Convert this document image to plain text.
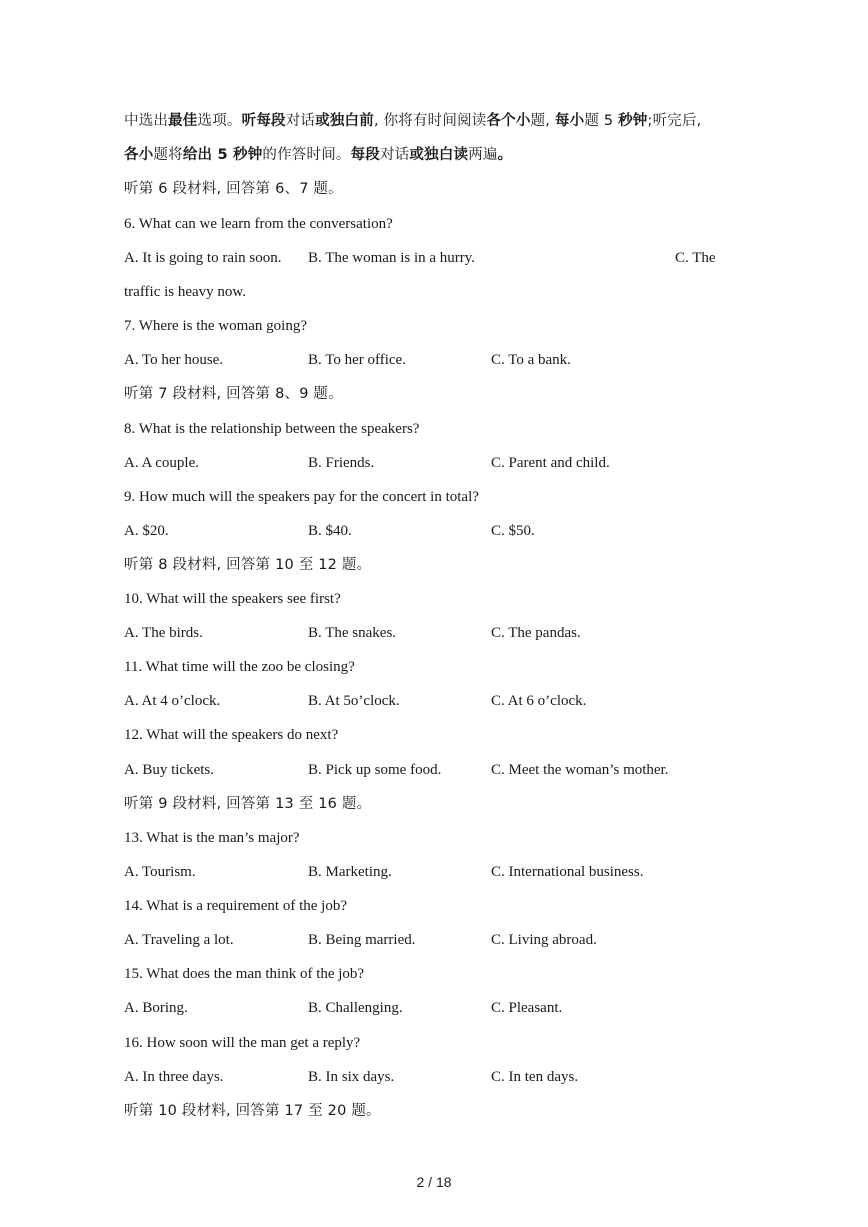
中选出最佳选项。听每段对话或独白前, 你将有时间阅读各个小题, 每小题 5 秒钟;听完后,
各小题将给出 5 秒钟的作答时间。每段对话或独白读两遍。
听第 6 段材料, 回答第 6、7 题。
6. What can we learn from the conversation?
A. It is going to rain soon. B. The woman is in a hurry.	C. The
traffic is heavy now.
7. Where is the woman going?
A. To her house.	B. To her office.	C. To a bank.
听第 7 段材料, 回答第 8、9 题。
8. What is the relationship between the speakers?
A. A couple.	B. Friends.	C. Parent and child.
9. How much will the speakers pay for the concert in total?
A. $20.	B. $40.	C. $50.
听第 8 段材料, 回答第 10 至 12 题。
10. What will the speakers see first?
A. The birds.	B. The snakes.	C. The pandas.
11. What time will the zoo be closing?
A. At 4 o’clock.	B. At 5o’clock.	C. At 6 o’clock.
12. What will the speakers do next?
A. Buy tickets.	B. Pick up some food.	C. Meet the woman’s mother.
听第 9 段材料, 回答第 13 至 16 题。
13. What is the man’s major?
A. Tourism.	B. Marketing.	C. International business.
14. What is a requirement of the job?
A. Traveling a lot.	B. Being married.	C. Living abroad.
15. What does the man think of the job?
A. Boring.	B. Challenging.	C. Pleasant.
16. How soon will the man get a reply?
A. In three days.	B. In six days.	C. In ten days.
听第 10 段材料, 回答第 17 至 20 题。
2 / 18
